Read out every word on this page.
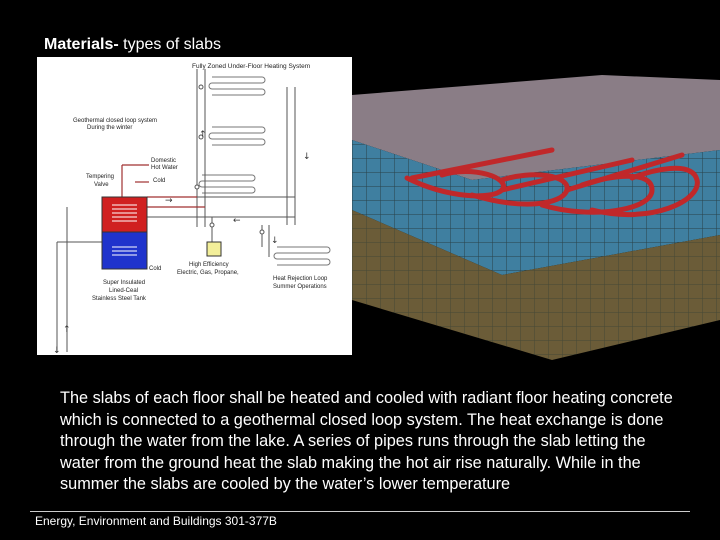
Materials- types of slabs
↑
↓
→
←
↓
↑
↓
Fully Zoned Under-Floor Heating System
Geothermal closed loop system
During the winter
Domestic
Hot Water
Tempering
Valve
Cold
Cold
Super Insulated
Lined-Ceal
Stainless Steel Tank
High Efficiency
Electric, Gas, Propane,
Heat Rejection Loop
Summer Operations
The slabs of each floor shall be heated and cooled with radiant floor heating concrete which is connected to a geothermal closed loop system. The heat exchange is done through the water from the lake. A series of pipes runs through the slab letting the water from the ground heat the slab making the hot air rise naturally. While in the summer the slabs are cooled by the water’s lower temperature
Energy, Environment and Buildings 301-377B
